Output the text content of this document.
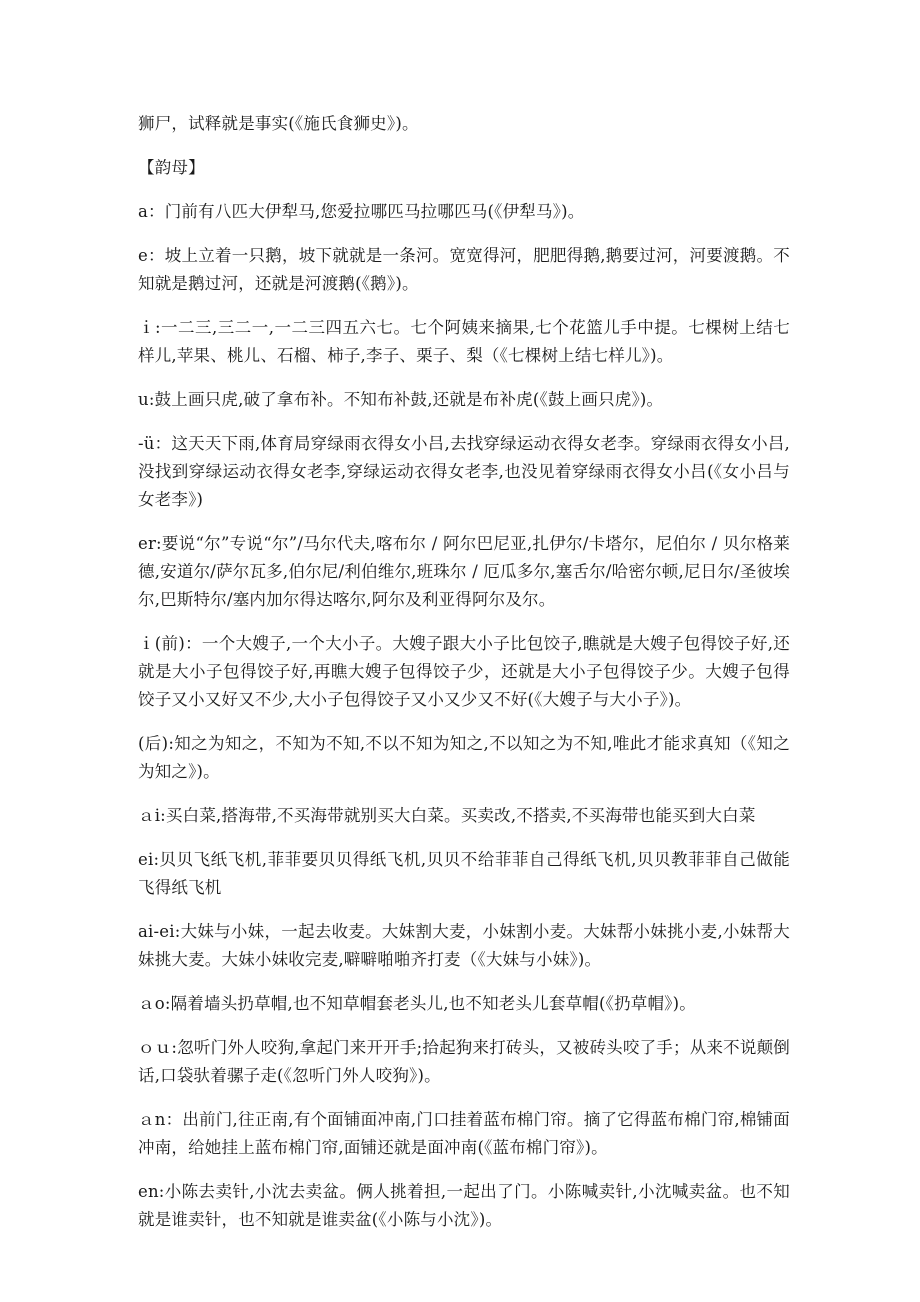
狮尸，试释就是事实(《施氏食狮史》)。

【韵母】

a：门前有八匹大伊犁马,您爱拉哪匹马拉哪匹马(《伊犁马》)。

e：坡上立着一只鹅，坡下就就是一条河。宽宽得河，肥肥得鹅,鹅要过河，河要渡鹅。不知就是鹅过河，还就是河渡鹅(《鹅》)。

ｉ:一二三,三二一,一二三四五六七。七个阿姨来摘果,七个花篮儿手中提。七棵树上结七样儿,苹果、桃儿、石榴、柿子,李子、栗子、梨（《七棵树上结七样儿》)。

u:鼓上画只虎,破了拿布补。不知布补鼓,还就是布补虎(《鼓上画只虎》)。

-ü：这天天下雨,体育局穿绿雨衣得女小吕,去找穿绿运动衣得女老李。穿绿雨衣得女小吕,没找到穿绿运动衣得女老李,穿绿运动衣得女老李,也没见着穿绿雨衣得女小吕(《女小吕与女老李》)

er:要说“尔”专说“尔”/马尔代夫,喀布尔 / 阿尔巴尼亚,扎伊尔/卡塔尔，尼伯尔 / 贝尔格莱德,安道尔/萨尔瓦多,伯尔尼/利伯维尔,班珠尔 / 厄瓜多尔,塞舌尔/哈密尔顿,尼日尔/圣彼埃尔,巴斯特尔/塞内加尔得达喀尔,阿尔及利亚得阿尔及尔。

ｉ(前)：一个大嫂子,一个大小子。大嫂子跟大小子比包饺子,瞧就是大嫂子包得饺子好,还就是大小子包得饺子好,再瞧大嫂子包得饺子少，还就是大小子包得饺子少。大嫂子包得饺子又小又好又不少,大小子包得饺子又小又少又不好(《大嫂子与大小子》)。

(后):知之为知之，不知为不知,不以不知为知之,不以知之为不知,唯此才能求真知（《知之为知之》)。

ａi:买白菜,搭海带,不买海带就别买大白菜。买卖改,不搭卖,不买海带也能买到大白菜

ei:贝贝飞纸飞机,菲菲要贝贝得纸飞机,贝贝不给菲菲自己得纸飞机,贝贝教菲菲自己做能飞得纸飞机

ai-ei:大妹与小妹，一起去收麦。大妹割大麦，小妹割小麦。大妹帮小妹挑小麦,小妹帮大妹挑大麦。大妹小妹收完麦,噼噼啪啪齐打麦（《大妹与小妹》)。

ａo:隔着墙头扔草帽,也不知草帽套老头儿,也不知老头儿套草帽(《扔草帽》)。

ｏｕ:忽听门外人咬狗,拿起门来开开手;拾起狗来打砖头，又被砖头咬了手；从来不说颠倒话,口袋驮着骡子走(《忽听门外人咬狗》)。

ａn：出前门,往正南,有个面铺面冲南,门口挂着蓝布棉门帘。摘了它得蓝布棉门帘,棉铺面冲南，给她挂上蓝布棉门帘,面铺还就是面冲南(《蓝布棉门帘》)。

en:小陈去卖针,小沈去卖盆。俩人挑着担,一起出了门。小陈喊卖针,小沈喊卖盆。也不知就是谁卖针，也不知就是谁卖盆(《小陈与小沈》)。
